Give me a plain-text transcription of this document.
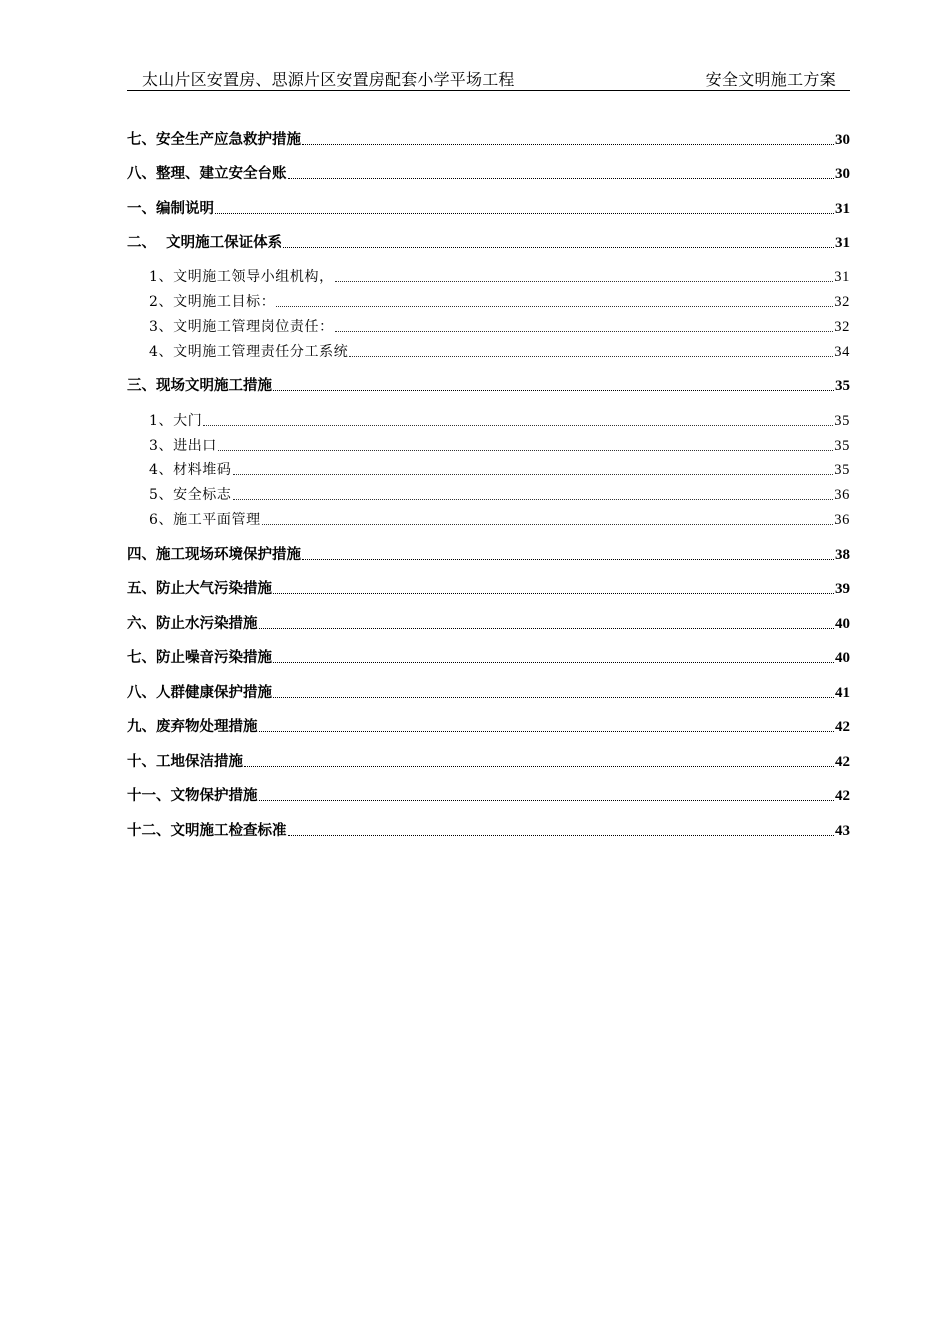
太山片区安置房、思源片区安置房配套小学平场工程	安全文明施工方案
七、安全生产应急救护措施	30
八、整理、建立安全台账	30
一、编制说明	31
二、  文明施工保证体系	31
1、文明施工领导小组机构，	31
2、文明施工目标：	32
3、文明施工管理岗位责任：	32
4、文明施工管理责任分工系统	34
三、现场文明施工措施	35
1、大门	35
3、进出口	35
4、材料堆码	35
5、安全标志	36
6、施工平面管理	36
四、施工现场环境保护措施	38
五、防止大气污染措施	39
六、防止水污染措施	40
七、防止噪音污染措施	40
八、人群健康保护措施	41
九、废弃物处理措施	42
十、工地保洁措施	42
十一、文物保护措施	42
十二、文明施工检查标准	43
